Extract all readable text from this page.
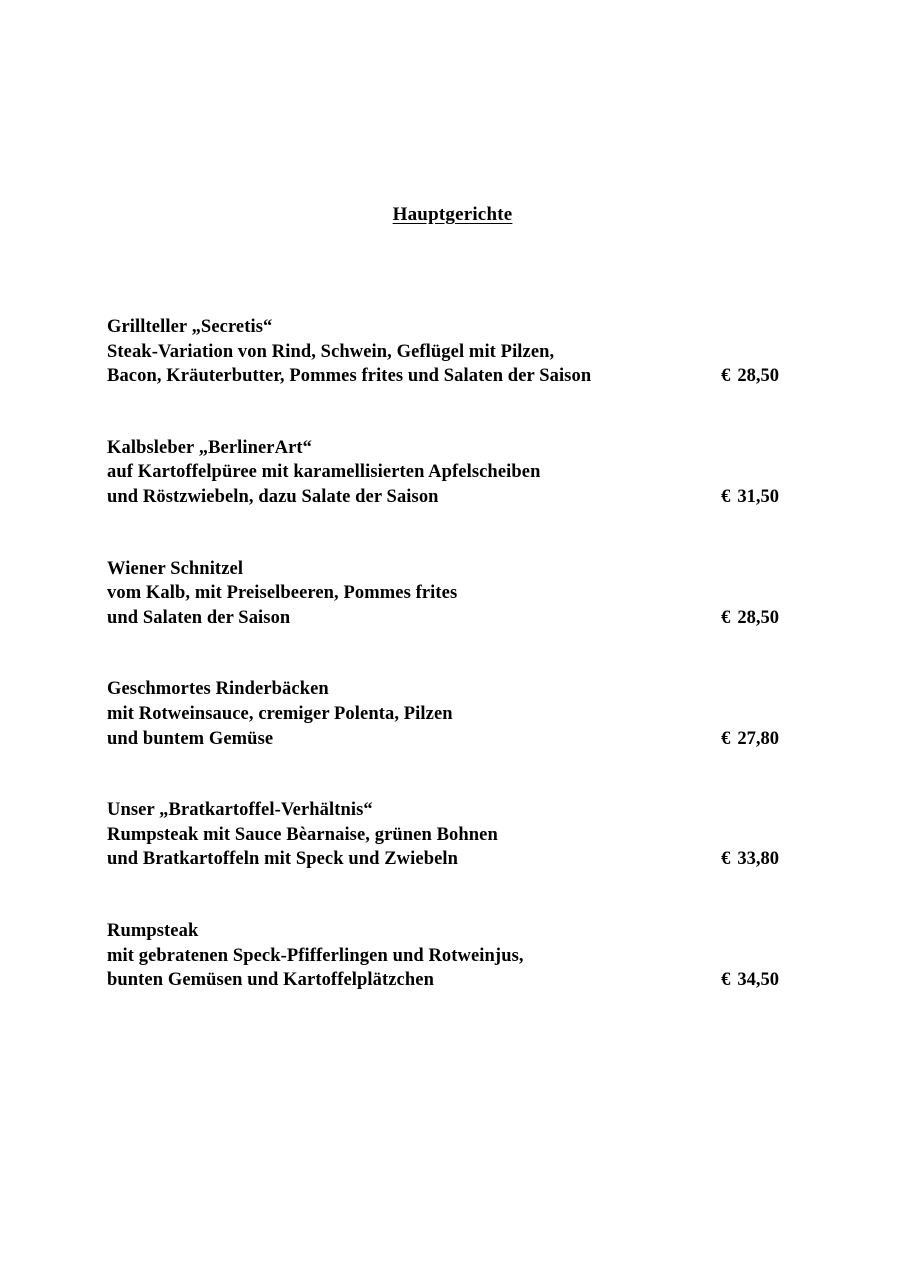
Hauptgerichte
Grillteller „Secretis“
Steak-Variation von Rind, Schwein, Geflügel mit Pilzen,
Bacon, Kräuterbutter, Pommes frites und Salaten der Saison	€ 28,50
Kalbsleber „BerlinerArt“
auf Kartoffelpüree mit karamellisierten Apfelscheiben
und Röstzwiebeln, dazu Salate der Saison	€ 31,50
Wiener Schnitzel
vom Kalb, mit Preiselbeeren, Pommes frites
und Salaten der Saison	€ 28,50
Geschmortes Rinderbäcken
mit Rotweinsauce, cremiger Polenta, Pilzen
und buntem Gemüse	€ 27,80
Unser „Bratkartoffel-Verhältnis“
Rumpsteak mit Sauce Bèarnaise, grünen Bohnen
und Bratkartoffeln mit Speck und Zwiebeln	€ 33,80
Rumpsteak
mit gebratenen Speck-Pfifferlingen und Rotweinjus,
bunten Gemüsen und Kartoffelplätzchen	€ 34,50
